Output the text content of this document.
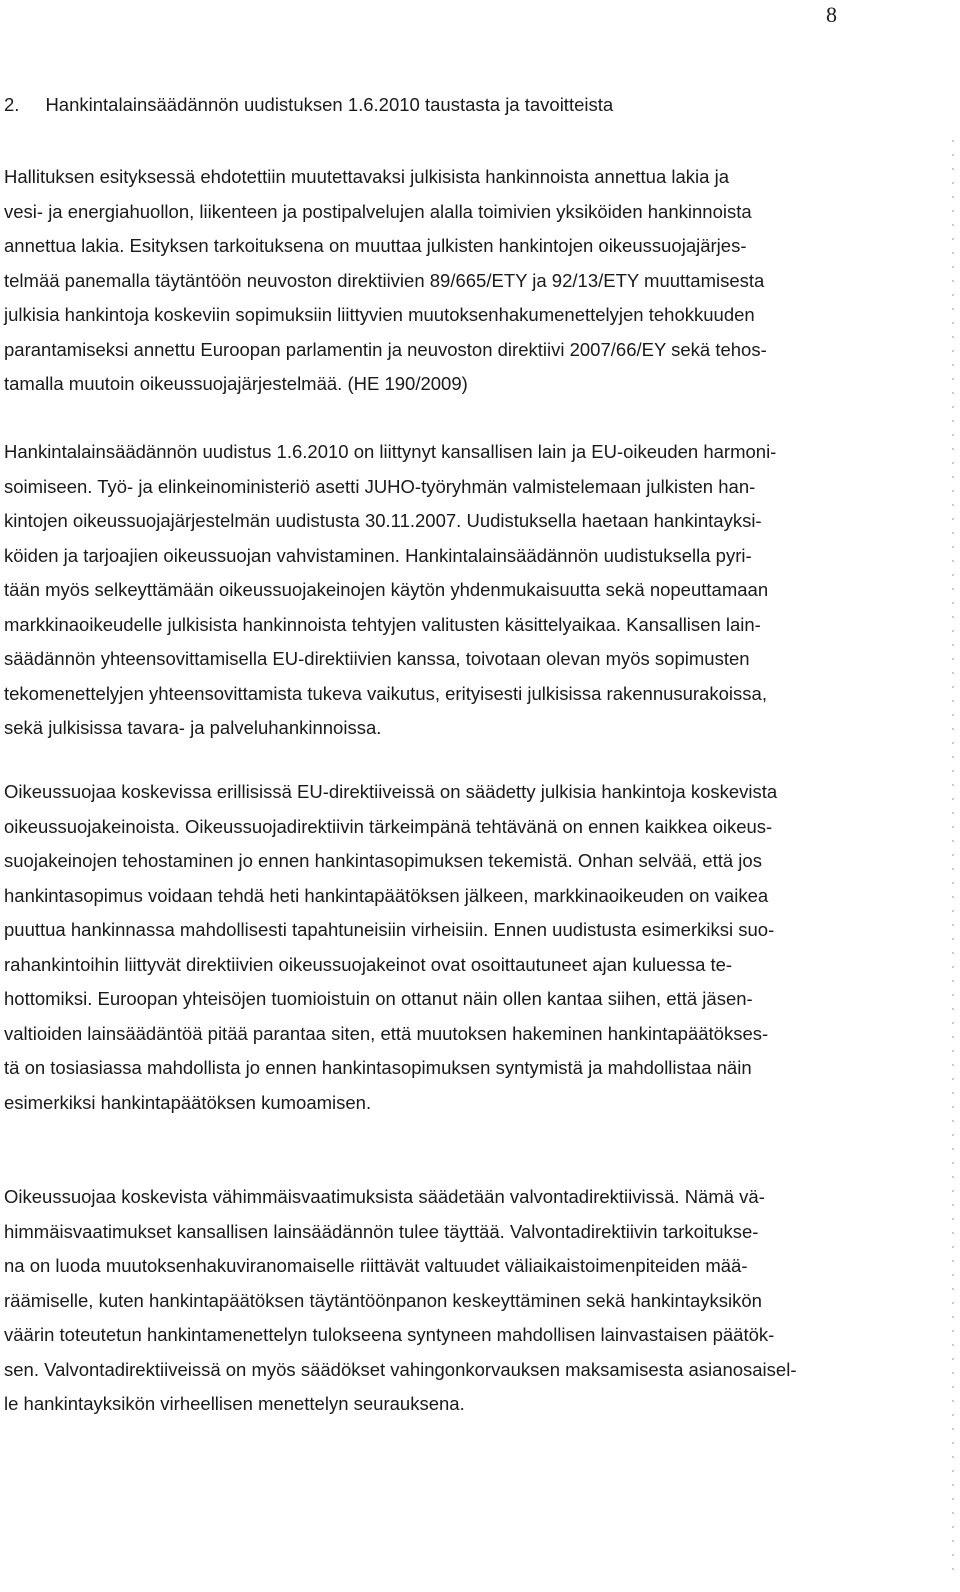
8
2. Hankintalainsäädännön uudistuksen 1.6.2010 taustasta ja tavoitteista
Hallituksen esityksessä ehdotettiin muutettavaksi julkisista hankinnoista annettua lakia ja
vesi- ja energiahuollon, liikenteen ja postipalvelujen alalla toimivien yksiköiden hankinnoista
annettua lakia. Esityksen tarkoituksena on muuttaa julkisten hankintojen oikeussuojajärjes-
telmää panemalla täytäntöön neuvoston direktiivien 89/665/ETY ja 92/13/ETY muuttamisesta
julkisia hankintoja koskeviin sopimuksiin liittyvien muutoksenhakumenettelyjen tehokkuuden
parantamiseksi annettu Euroopan parlamentin ja neuvoston direktiivi 2007/66/EY sekä tehos-
tamalla muutoin oikeussuojajärjestelmää. (HE 190/2009)
Hankintalainsäädännön uudistus 1.6.2010 on liittynyt kansallisen lain ja EU-oikeuden harmoni-
soimiseen. Työ- ja elinkeinoministeriö asetti JUHO-työryhmän valmistelemaan julkisten han-
kintojen oikeussuojajärjestelmän uudistusta 30.11.2007. Uudistuksella haetaan hankintayksi-
köiden ja tarjoajien oikeussuojan vahvistaminen. Hankintalainsäädännön uudistuksella pyri-
tään myös selkeyttämään oikeussuojakeinojen käytön yhdenmukaisuutta sekä nopeuttamaan
markkinaoikeudelle julkisista hankinnoista tehtyjen valitusten käsittelyaikaa. Kansallisen lain-
säädännön yhteensovittamisella EU-direktiivien kanssa, toivotaan olevan myös sopimusten
tekomenettelyjen yhteensovittamista tukeva vaikutus, erityisesti julkisissa rakennusurakoissa,
sekä julkisissa tavara- ja palveluhankinnoissa.
Oikeussuojaa koskevissa erillisissä EU-direktiiveissä on säädetty julkisia hankintoja koskevista
oikeussuojakeinoista. Oikeussuojadirektiivin tärkeimpänä tehtävänä on ennen kaikkea oikeus-
suojakeinojen tehostaminen jo ennen hankintasopimuksen tekemistä. Onhan selvää, että jos
hankintasopimus voidaan tehdä heti hankintapäätöksen jälkeen, markkinaoikeuden on vaikea
puuttua hankinnassa mahdollisesti tapahtuneisiin virheisiin. Ennen uudistusta esimerkiksi suo-
rahankintoihin liittyvät direktiivien oikeussuojakeinot ovat osoittautuneet ajan kuluessa te-
hottomiksi. Euroopan yhteisöjen tuomioistuin on ottanut näin ollen kantaa siihen, että jäsen-
valtioiden lainsäädäntöä pitää parantaa siten, että muutoksen hakeminen hankintapäätökses-
tä on tosiasiassa mahdollista jo ennen hankintasopimuksen syntymistä ja mahdollistaa näin
esimerkiksi hankintapäätöksen kumoamisen.
Oikeussuojaa koskevista vähimmäisvaatimuksista säädetään valvontadirektiivissä. Nämä vä-
himmäisvaatimukset kansallisen lainsäädännön tulee täyttää. Valvontadirektiivin tarkoitukse-
na on luoda muutoksenhakuviranomaiselle riittävät valtuudet väliaikaistoimenpiteiden mää-
räämiselle, kuten hankintapäätöksen täytäntöönpanon keskeyttäminen sekä hankintayksikön
väärin toteutetun hankintamenettelyn tulokseena syntyneen mahdollisen lainvastaisen päätök-
sen. Valvontadirektiiveissä on myös säädökset vahingonkorvauksen maksamisesta asianosaisel-
le hankintayksikön virheellisen menettelyn seurauksena.
